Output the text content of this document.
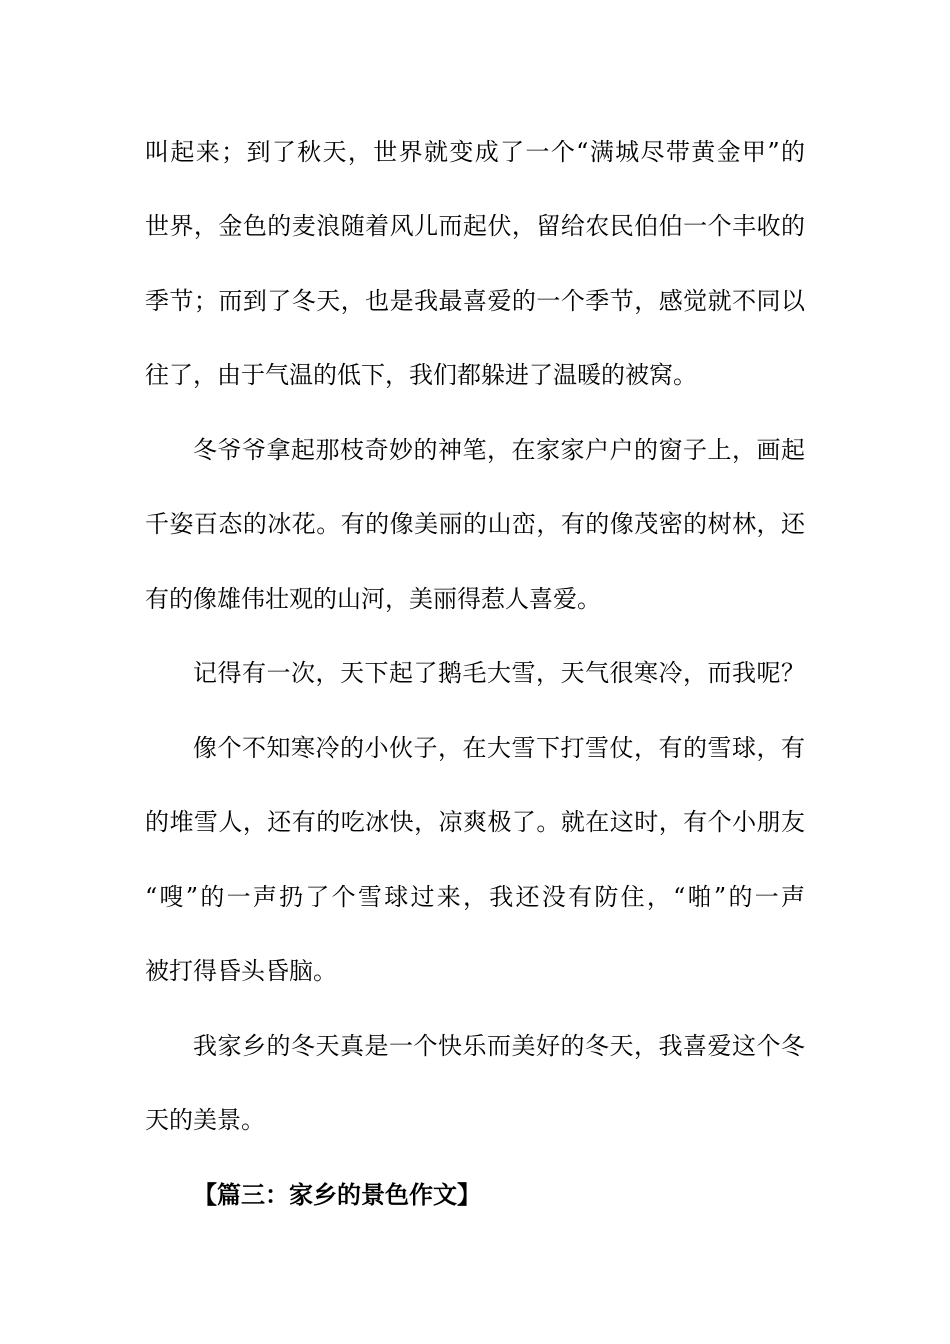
叫起来；到了秋天，世界就变成了一个“满城尽带黄金甲”的
世界，金色的麦浪随着风儿而起伏，留给农民伯伯一个丰收的
季节；而到了冬天，也是我最喜爱的一个季节，感觉就不同以
往了，由于气温的低下，我们都躲进了温暖的被窝。
冬爷爷拿起那枝奇妙的神笔，在家家户户的窗子上，画起
千姿百态的冰花。有的像美丽的山峦，有的像茂密的树林，还
有的像雄伟壮观的山河，美丽得惹人喜爱。
记得有一次，天下起了鹅毛大雪，天气很寒冷，而我呢？
像个不知寒冷的小伙子，在大雪下打雪仗，有的雪球，有
的堆雪人，还有的吃冰快，凉爽极了。就在这时，有个小朋友
“嗖”的一声扔了个雪球过来，我还没有防住，“啪”的一声
被打得昏头昏脑。
我家乡的冬天真是一个快乐而美好的冬天，我喜爱这个冬
天的美景。
【篇三：家乡的景色作文】
